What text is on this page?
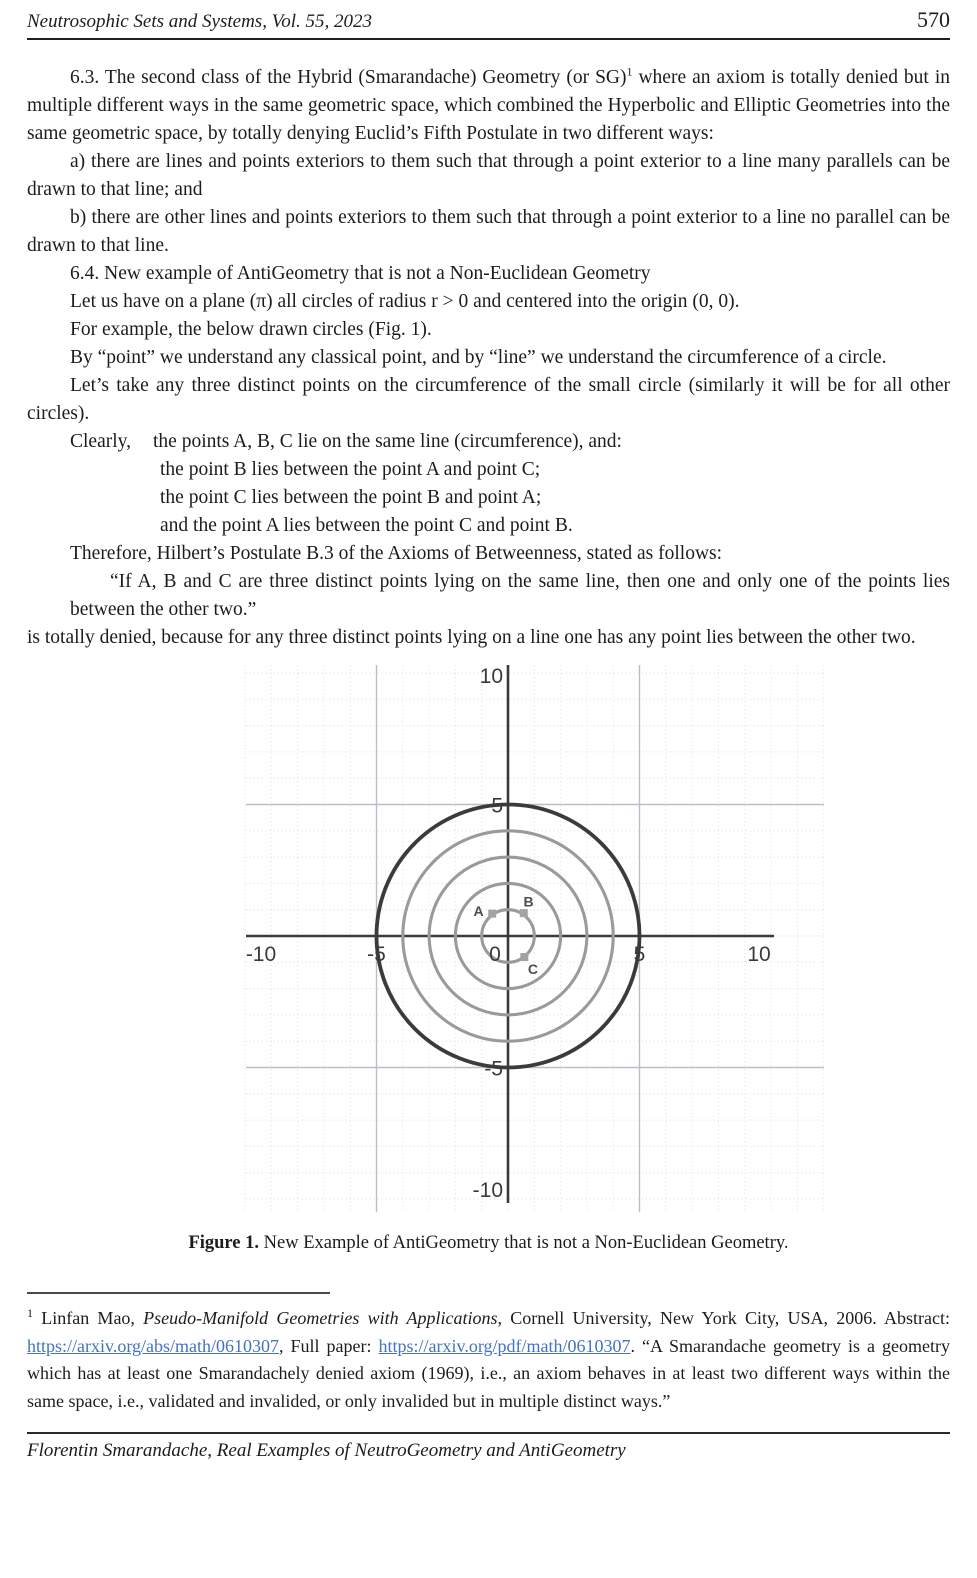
Neutrosophic Sets and Systems, Vol. 55, 2023	570
6.3. The second class of the Hybrid (Smarandache) Geometry (or SG)$^1$ where an axiom is totally denied but in multiple different ways in the same geometric space, which combined the Hyperbolic and Elliptic Geometries into the same geometric space, by totally denying Euclid’s Fifth Postulate in two different ways:
a) there are lines and points exteriors to them such that through a point exterior to a line many parallels can be drawn to that line; and
b) there are other lines and points exteriors to them such that through a point exterior to a line no parallel can be drawn to that line.
6.4. New example of AntiGeometry that is not a Non-Euclidean Geometry
Let us have on a plane (π) all circles of radius r > 0 and centered into the origin (0, 0).
For example, the below drawn circles (Fig. 1).
By “point” we understand any classical point, and by “line” we understand the circumference of a circle.
Let’s take any three distinct points on the circumference of the small circle (similarly it will be for all other circles).
Clearly, the points A, B, C lie on the same line (circumference), and:
the point B lies between the point A and point C;
the point C lies between the point B and point A;
and the point A lies between the point C and point B.
Therefore, Hilbert’s Postulate B.3 of the Axioms of Betweenness, stated as follows:
“If A, B and C are three distinct points lying on the same line, then one and only one of the points lies between the other two.”
is totally denied, because for any three distinct points lying on a line one has any point lies between the other two.
-10	-5	0	5	10
10
5
-5
-10
A
B
C
Figure 1. New Example of AntiGeometry that is not a Non-Euclidean Geometry.
$^1$ Linfan Mao, Pseudo-Manifold Geometries with Applications, Cornell University, New York City, USA, 2006. Abstract: https://arxiv.org/abs/math/0610307, Full paper: https://arxiv.org/pdf/math/0610307. “A Smarandache geometry is a geometry which has at least one Smarandachely denied axiom (1969), i.e., an axiom behaves in at least two different ways within the same space, i.e., validated and invalided, or only invalided but in multiple distinct ways.”
Florentin Smarandache, Real Examples of NeutroGeometry and AntiGeometry
